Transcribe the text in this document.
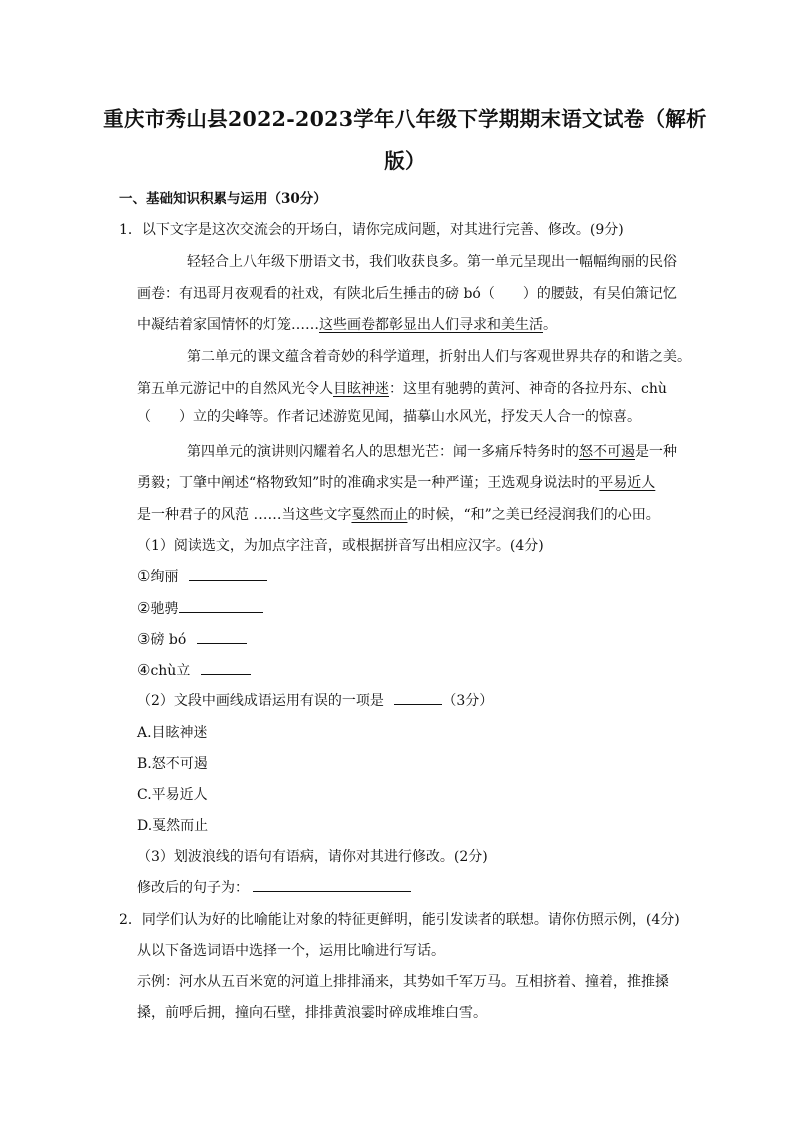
重庆市秀山县2022-2023学年八年级下学期期末语文试卷（解析版）
一、基础知识积累与运用（30分）
1．以下文字是这次交流会的开场白，请你完成问题，对其进行完善、修改。(9分)
轻轻合上八年级下册语文书，我们收获良多。第一单元呈现出一幅幅绚丽的民俗
画卷：有迅哥月夜观看的社戏，有陕北后生捶击的磅 bó（　　）的腰鼓，有吴伯箫记忆
中凝结着家国情怀的灯笼……这些画卷都彰显出人们寻求和美生活。
第二单元的课文蕴含着奇妙的科学道理，折射出人们与客观世界共存的和谐之美。
第五单元游记中的自然风光令人目眩神迷：这里有驰骋的黄河、神奇的各拉丹东、chù
（　　）立的尖峰等。作者记述游览见闻，描摹山水风光，抒发天人合一的惊喜。
第四单元的演讲则闪耀着名人的思想光芒：闻一多痛斥特务时的怒不可遏是一种
勇毅；丁肇中阐述“格物致知”时的准确求实是一种严谨；王选观身说法时的平易近人
是一种君子的风范 ……当这些文字戛然而止的时候，“和”之美已经浸润我们的心田。
（1）阅读选文，为加点字注音，或根据拼音写出相应汉字。(4分)
①绚丽
②驰骋
③磅 bó
④chù立
（2）文段中画线成语运用有误的一项是	（3分）
A.目眩神迷
B.怒不可遏
C.平易近人
D.戛然而止
（3）划波浪线的语句有语病，请你对其进行修改。(2分)
修改后的句子为：
2．同学们认为好的比喻能让对象的特征更鲜明，能引发读者的联想。请你仿照示例，(4分)
从以下备选词语中选择一个，运用比喻进行写话。
示例：河水从五百米宽的河道上排排涌来，其势如千军万马。互相挤着、撞着，推推搡
搡，前呼后拥，撞向石壁，排排黄浪霎时碎成堆堆白雪。
